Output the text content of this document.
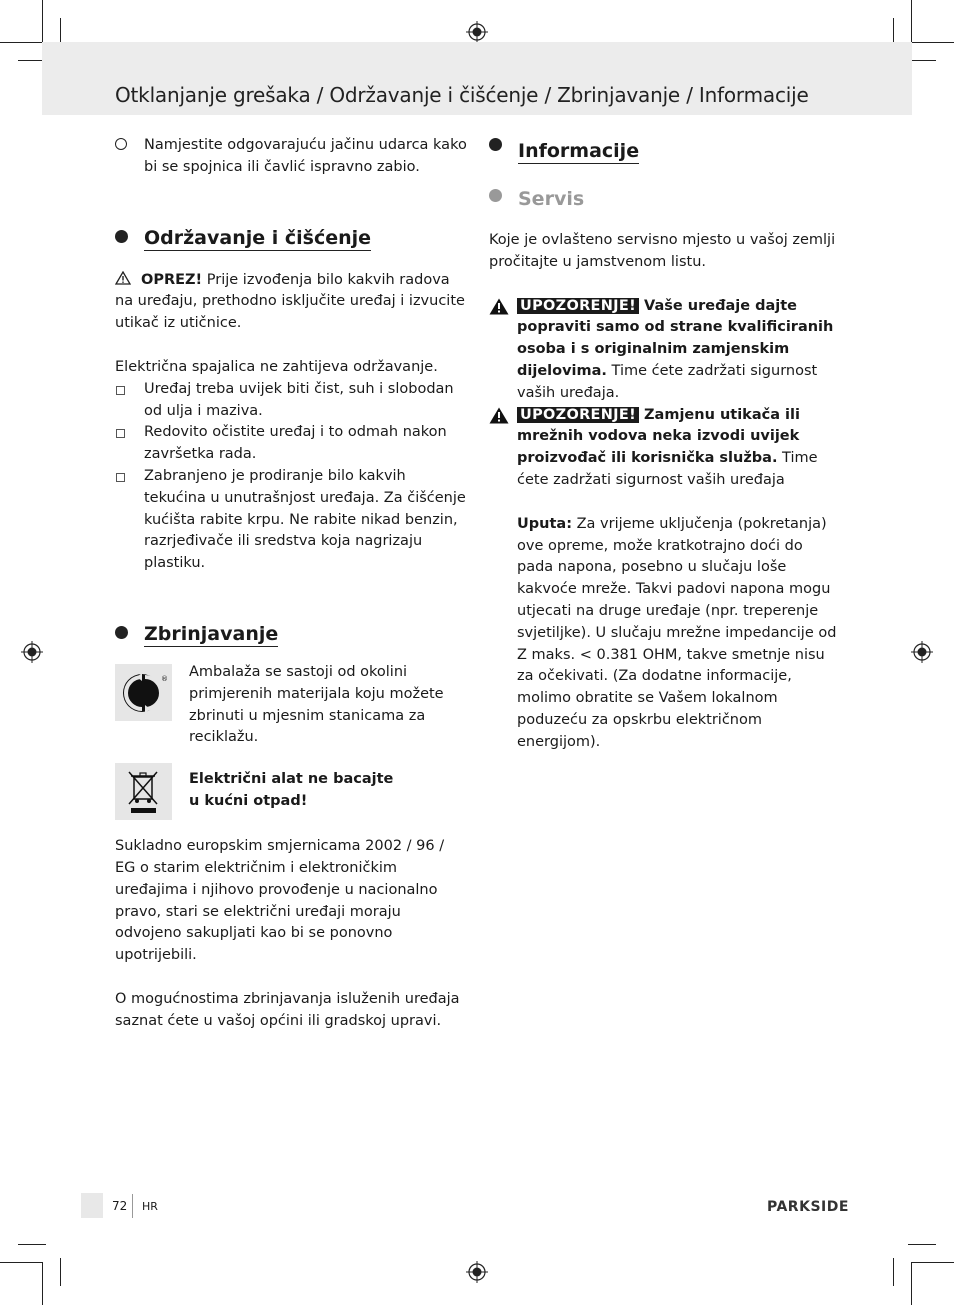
Otklanjanje grešaka / Održavanje i čišćenje / Zbrinjavanje / Informacije

Namjestite odgovarajuću jačinu udarca kako bi se spojnica ili čavlić ispravno zabio.

Održavanje i čišćenje

OPREZ! Prije izvođenja bilo kakvih radova na uređaju, prethodno isključite uređaj i izvucite utikač iz utičnice.

Električna spajalica ne zahtijeva održavanje.

Uređaj treba uvijek biti čist, suh i slobodan od ulja i maziva.
Redovito očistite uređaj i to odmah nakon završetka rada.
Zabranjeno je prodiranje bilo kakvih tekućina u unutrašnjost uređaja. Za čišćenje kućišta rabite krpu. Ne rabite nikad benzin, razrjeđivače ili sredstva koja nagrizaju plastiku.
Zbrinjavanje
® Ambalaža se sastoji od okolini primjerenih materijala koju možete zbrinuti u mjesnim stanicama za reciklažu.

Električni alat ne bacajte
u kućni otpad!

Sukladno europskim smjernicama 2002 / 96 / EG o starim električnim i elektroničkim uređajima i njihovo provođenje u nacionalno pravo, stari se električni uređaji moraju odvojeno sakupljati kao bi se ponovno upotrijebili.

O mogućnostima zbrinjavanja isluženih uređaja saznat ćete u vašoj općini ili gradskoj upravi.

Informacije
Servis

Koje je ovlašteno servisno mjesto u vašoj zemlji pročitajte u jamstvenom listu.

UPOZORENJE! Vaše uređaje dajte popraviti samo od strane kvalificiranih osoba i s originalnim zamjenskim dijelovima. Time ćete zadržati sigurnost vaših uređaja.

UPOZORENJE! Zamjenu utikača ili mrežnih vodova neka izvodi uvijek proizvođač ili korisnička služba. Time ćete zadržati sigurnost vaših uređaja

Uputa: Za vrijeme uključenja (pokretanja) ove opreme, može kratkotrajno doći do pada napona, posebno u slučaju loše kakvoće mreže. Takvi padovi napona mogu utjecati na druge uređaje (npr. treperenje svjetiljke). U slučaju mrežne impedancije od Z maks. < 0.381 OHM, takve smetnje nisu za očekivati. (Za dodatne informacije, molimo obratite se Vašem lokalnom poduzeću za opskrbu električnom energijom).

72 HR	PARKSIDE
